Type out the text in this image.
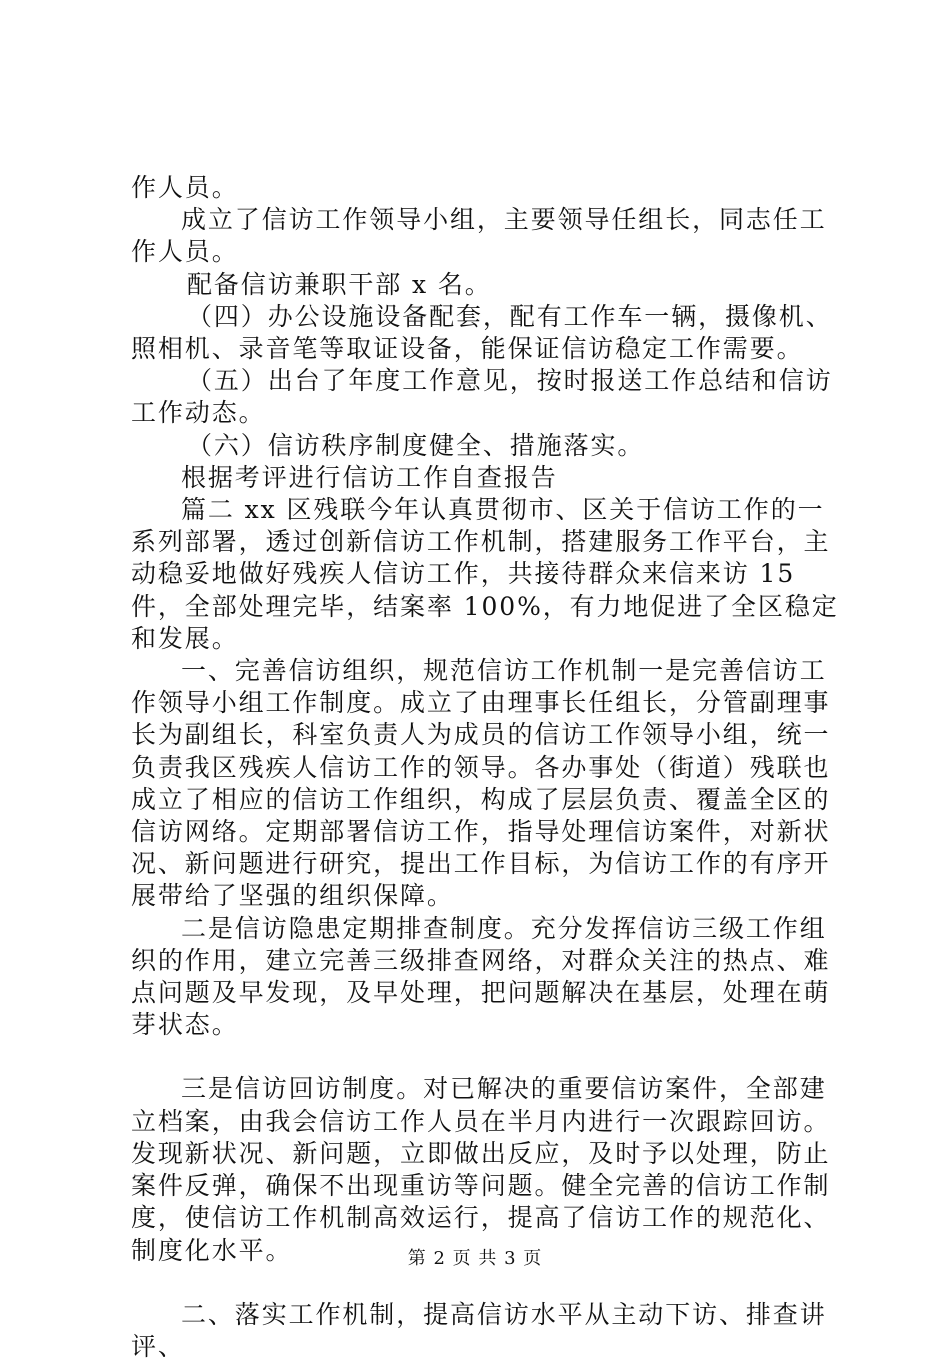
作人员。

成立了信访工作领导小组，主要领导任组长，同志任工作人员。

配备信访兼职干部 x 名。

（四）办公设施设备配套，配有工作车一辆，摄像机、照相机、录音笔等取证设备，能保证信访稳定工作需要。

（五）出台了年度工作意见，按时报送工作总结和信访工作动态。

（六）信访秩序制度健全、措施落实。

根据考评进行信访工作自查报告

篇二 xx 区残联今年认真贯彻市、区关于信访工作的一系列部署，透过创新信访工作机制，搭建服务工作平台，主动稳妥地做好残疾人信访工作，共接待群众来信来访 15 件，全部处理完毕，结案率 100%，有力地促进了全区稳定和发展。

一、完善信访组织，规范信访工作机制一是完善信访工作领导小组工作制度。成立了由理事长任组长，分管副理事长为副组长，科室负责人为成员的信访工作领导小组，统一负责我区残疾人信访工作的领导。各办事处（街道）残联也成立了相应的信访工作组织，构成了层层负责、覆盖全区的信访网络。定期部署信访工作，指导处理信访案件，对新状况、新问题进行研究，提出工作目标，为信访工作的有序开展带给了坚强的组织保障。

二是信访隐患定期排查制度。充分发挥信访三级工作组织的作用，建立完善三级排查网络，对群众关注的热点、难点问题及早发现，及早处理，把问题解决在基层，处理在萌芽状态。

三是信访回访制度。对已解决的重要信访案件，全部建立档案，由我会信访工作人员在半月内进行一次跟踪回访。发现新状况、新问题，立即做出反应，及时予以处理，防止案件反弹，确保不出现重访等问题。健全完善的信访工作制度，使信访工作机制高效运行，提高了信访工作的规范化、制度化水平。

二、落实工作机制，提高信访水平从主动下访、排查讲评、

第 2 页 共 3 页
